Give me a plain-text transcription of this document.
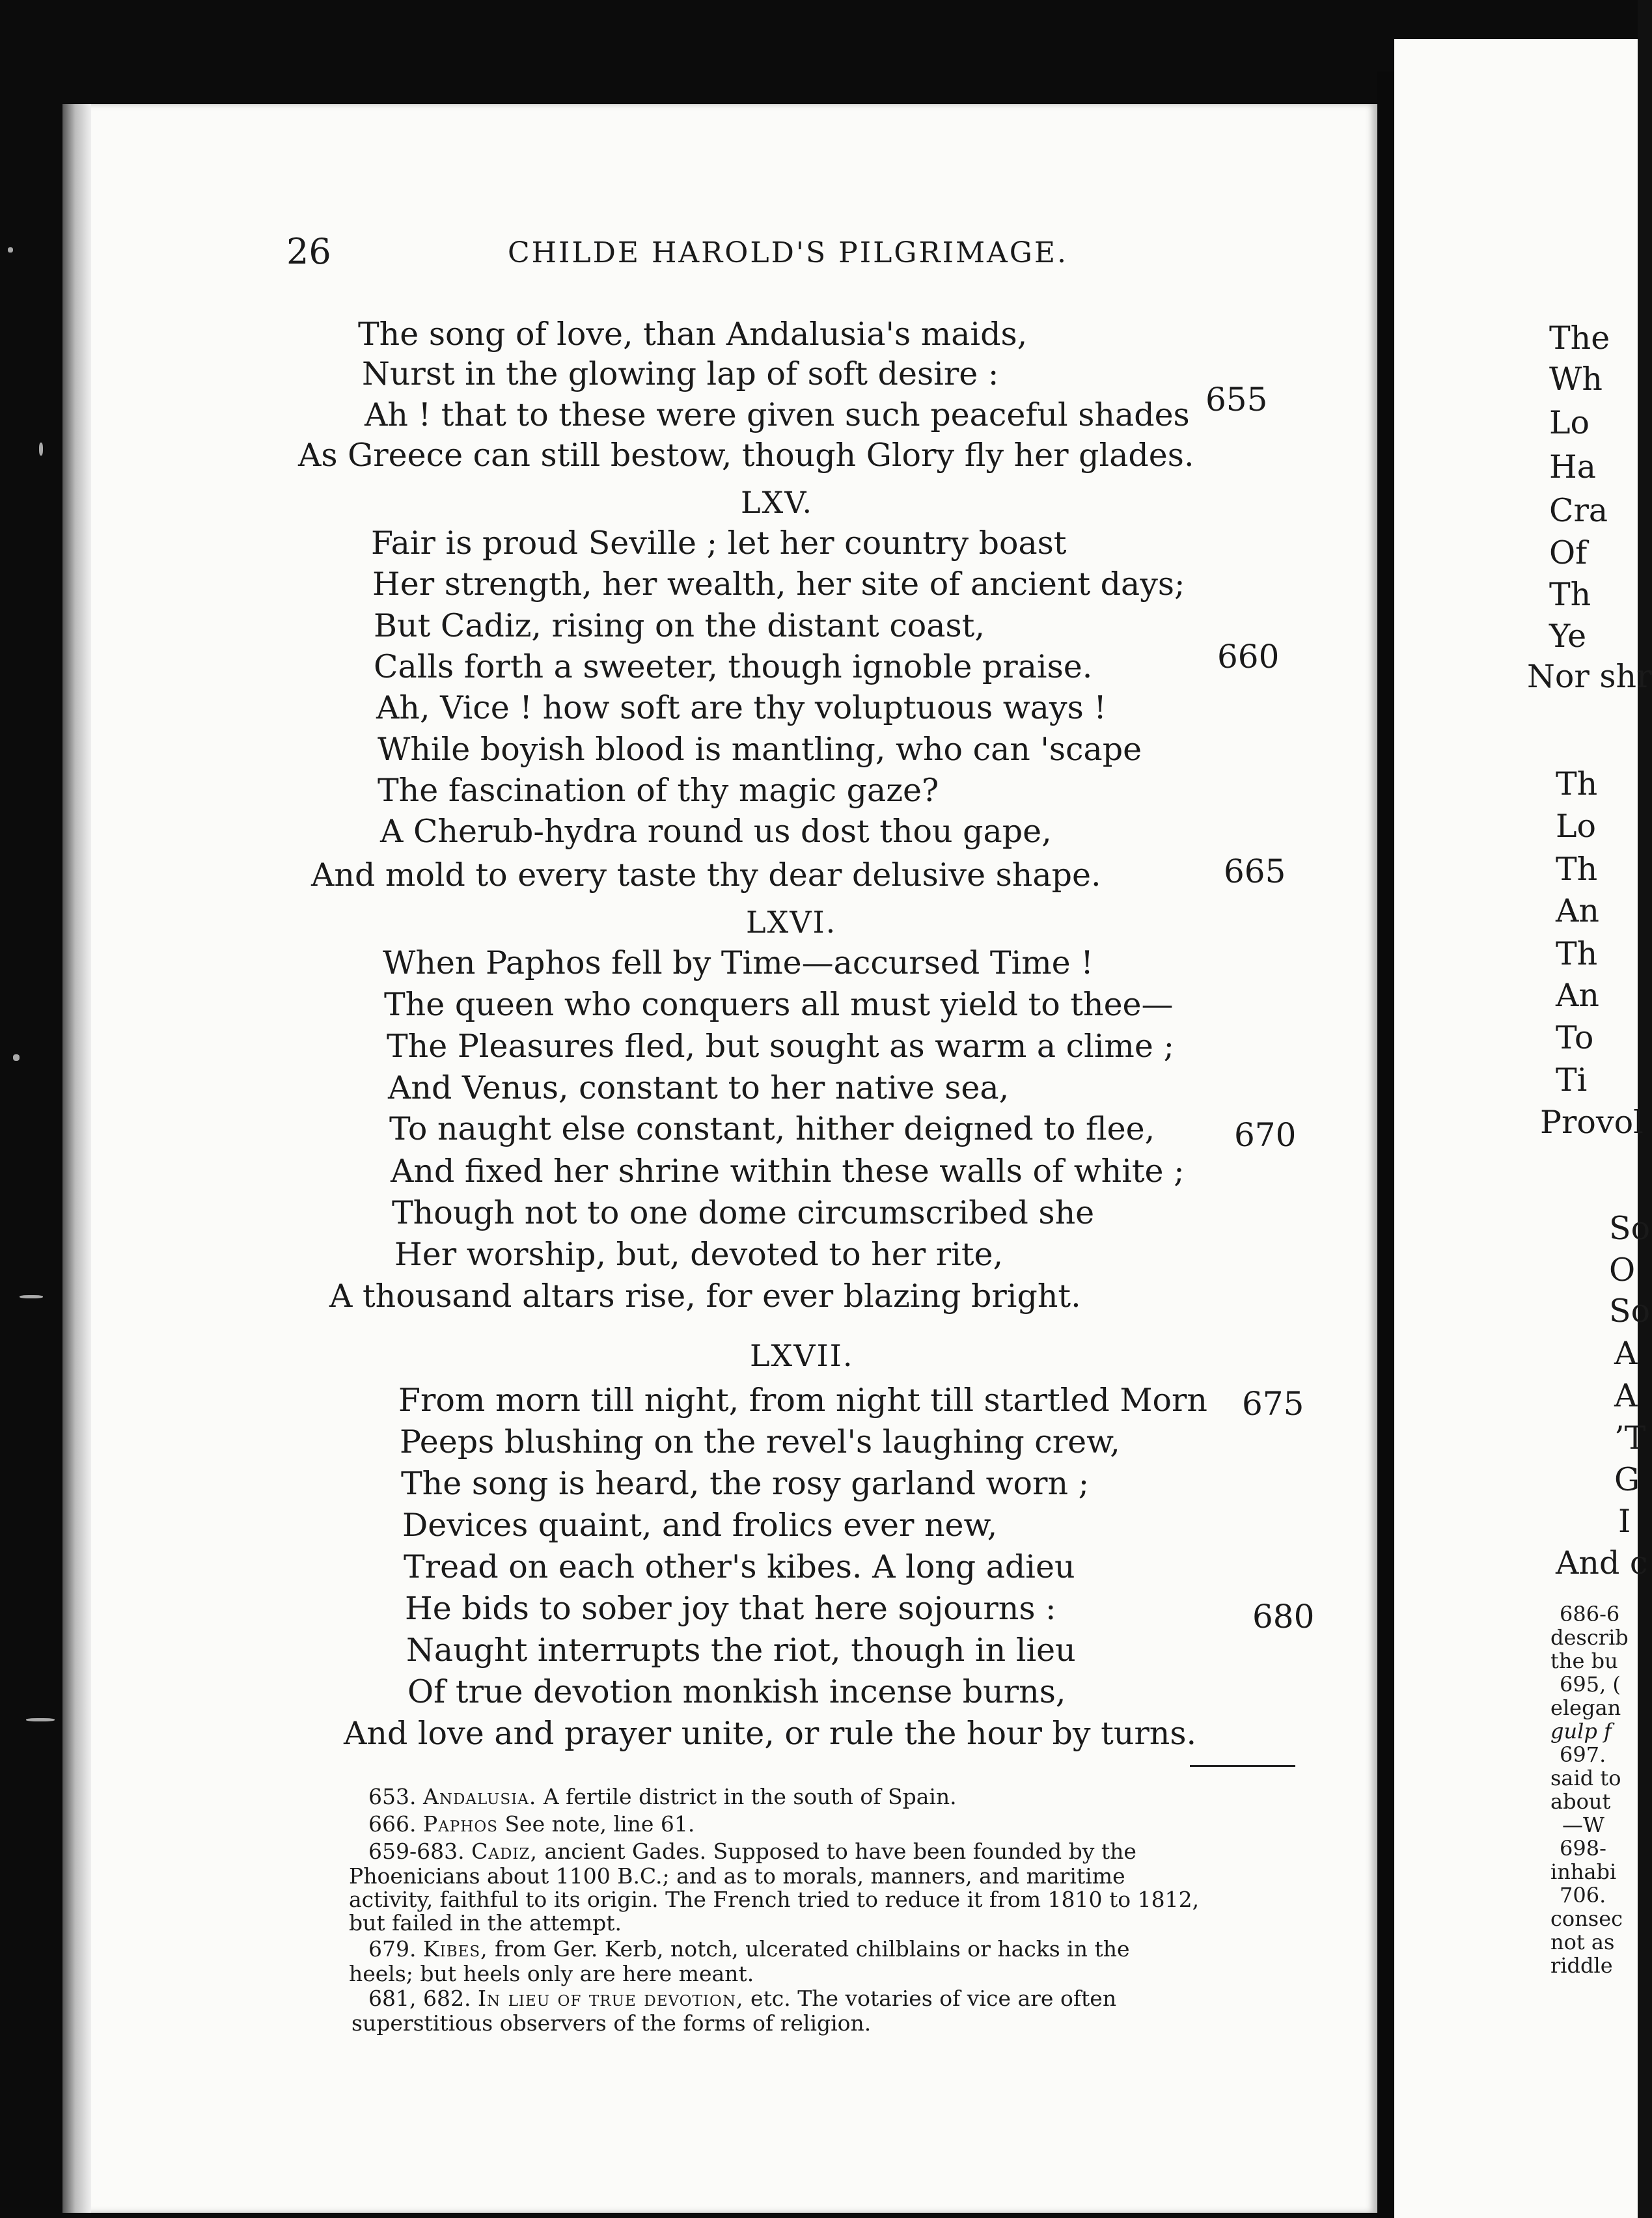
26	CHILDE HAROLD'S PILGRIMAGE.
The song of love, than Andalusia's maids,
Nurst in the glowing lap of soft desire :
Ah ! that to these were given such peaceful shades
As Greece can still bestow, though Glory fly her glades.
LXV.
Fair is proud Seville ; let her country boast
Her strength, her wealth, her site of ancient days;
But Cadiz, rising on the distant coast,
Calls forth a sweeter, though ignoble praise.
Ah, Vice ! how soft are thy voluptuous ways !
While boyish blood is mantling, who can 'scape
The fascination of thy magic gaze?
A Cherub-hydra round us dost thou gape,
And mold to every taste thy dear delusive shape.
LXVI.
When Paphos fell by Time—accursed Time !
The queen who conquers all must yield to thee—
The Pleasures fled, but sought as warm a clime ;
And Venus, constant to her native sea,
To naught else constant, hither deigned to flee,
And fixed her shrine within these walls of white ;
Though not to one dome circumscribed she
Her worship, but, devoted to her rite,
A thousand altars rise, for ever blazing bright.
LXVII.
From morn till night, from night till startled Morn
Peeps blushing on the revel's laughing crew,
The song is heard, the rosy garland worn ;
Devices quaint, and frolics ever new,
Tread on each other's kibes. A long adieu
He bids to sober joy that here sojourns :
Naught interrupts the riot, though in lieu
Of true devotion monkish incense burns,
And love and prayer unite, or rule the hour by turns.
655
660
665
670
675
680
653. Andalusia. A fertile district in the south of Spain.
666. Paphos See note, line 61.
659-683. Cadiz, ancient Gades. Supposed to have been founded by the
Phoenicians about 1100 B.C.; and as to morals, manners, and maritime
activity, faithful to its origin. The French tried to reduce it from 1810 to 1812,
but failed in the attempt.
679. Kibes, from Ger. Kerb, notch, ulcerated chilblains or hacks in the
heels; but heels only are here meant.
681, 682. In lieu of true devotion, etc. The votaries of vice are often
superstitious observers of the forms of religion.
The
Wh
Lo
Ha
Cra
Of
Th
Ye
Nor shr
Th
Lo
Th
An
Th
An
To
Ti
Provol
So
O
So
A
A
’T
G
I
And c
686-6
describ
the bu
695, (
elegan
gulp f
697.
said to
about
—W
698-
inhabi
706.
consec
not as
riddle
